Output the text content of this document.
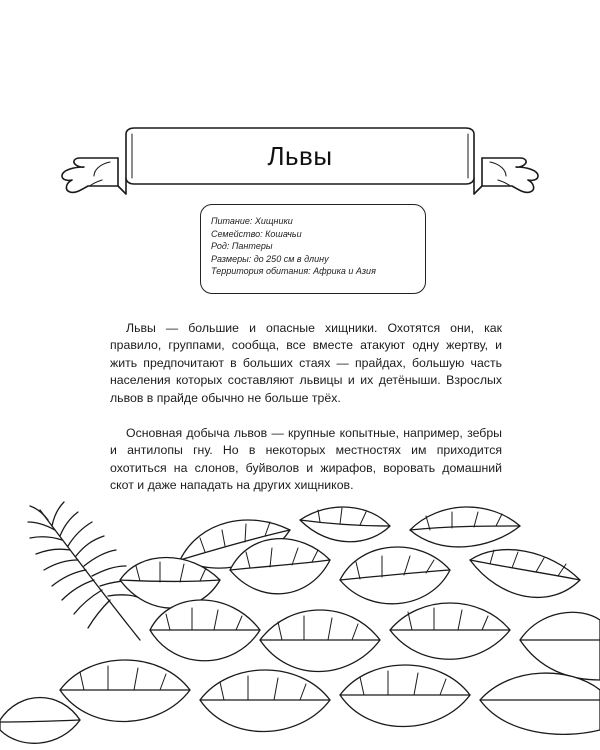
Львы
Питание: Хищники
Семейство: Кошачьи
Род: Пантеры
Размеры: до 250 см в длину
Территория обитания: Африка и Азия

Львы — большие и опасные хищники. Охотятся они, как правило, группами, сообща, все вместе атакуют одну жертву, и жить предпочитают в больших стаях — прайдах, большую часть населения которых составляют львицы и их детёныши. Взрослых львов в прайде обычно не больше трёх.

Основная добыча львов — крупные копытные, например, зебры и антилопы гну. Но в некоторых местностях им приходится охотиться на слонов, буйволов и жирафов, воровать домашний скот и даже нападать на других хищников.
